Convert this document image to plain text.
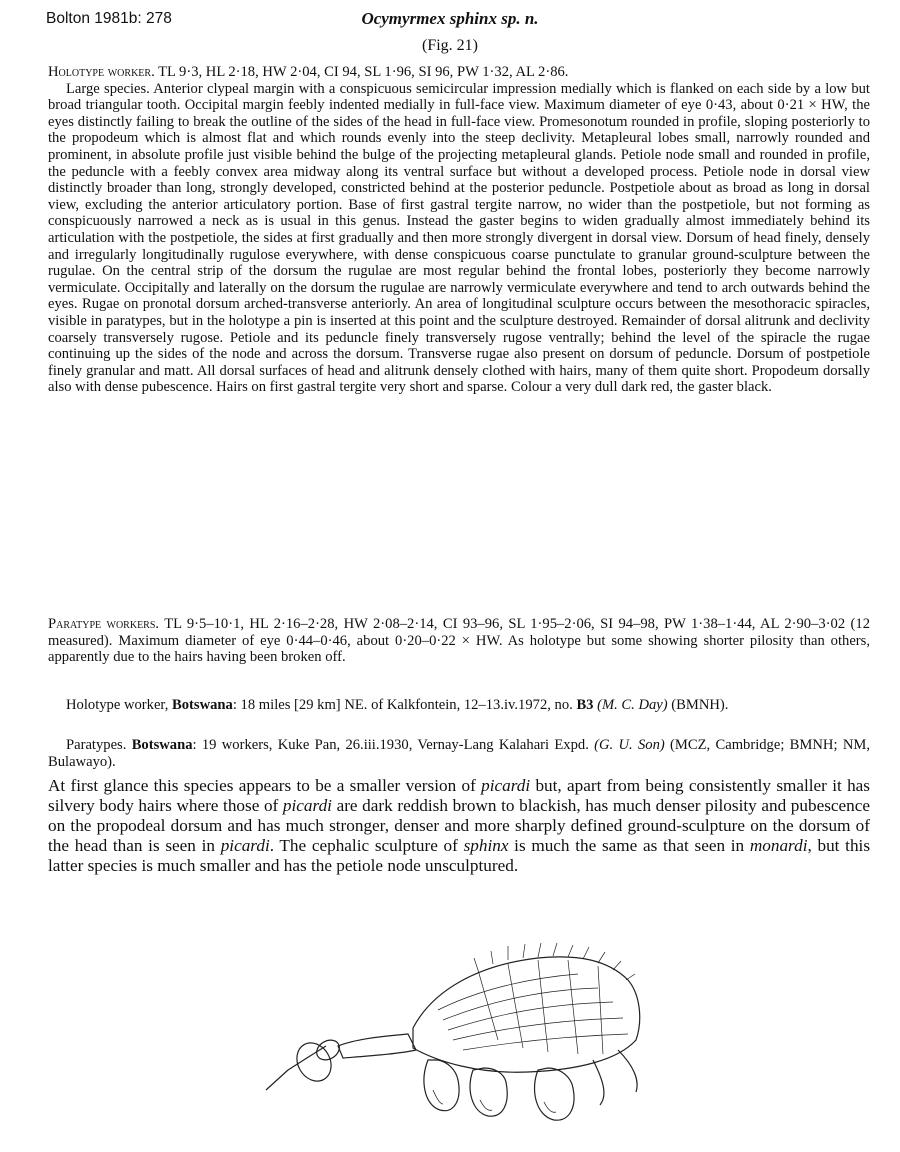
Bolton 1981b: 278	Ocymyrmex sphinx sp. n.
(Fig. 21)

Holotype worker. TL 9·3, HL 2·18, HW 2·04, CI 94, SL 1·96, SI 96, PW 1·32, AL 2·86.

Large species. Anterior clypeal margin with a conspicuous semicircular impression medially which is flanked on each side by a low but broad triangular tooth. Occipital margin feebly indented medially in full-face view. Maximum diameter of eye 0·43, about 0·21 × HW, the eyes distinctly failing to break the outline of the sides of the head in full-face view. Promesonotum rounded in profile, sloping posteriorly to the propodeum which is almost flat and which rounds evenly into the steep declivity. Metapleural lobes small, narrowly rounded and prominent, in absolute profile just visible behind the bulge of the projecting metapleural glands. Petiole node small and rounded in profile, the peduncle with a feebly convex area midway along its ventral surface but without a developed process. Petiole node in dorsal view distinctly broader than long, strongly developed, constricted behind at the posterior peduncle. Postpetiole about as broad as long in dorsal view, excluding the anterior articulatory portion. Base of first gastral tergite narrow, no wider than the postpetiole, but not forming as conspicuously narrowed a neck as is usual in this genus. Instead the gaster begins to widen gradually almost immediately behind its articulation with the postpetiole, the sides at first gradually and then more strongly divergent in dorsal view. Dorsum of head finely, densely and irregularly longitudinally rugulose everywhere, with dense conspicuous coarse punctulate to granular ground-sculpture between the rugulae. On the central strip of the dorsum the rugulae are most regular behind the frontal lobes, posteriorly they become narrowly vermiculate. Occipitally and laterally on the dorsum the rugulae are narrowly vermiculate everywhere and tend to arch outwards behind the eyes. Rugae on pronotal dorsum arched-transverse anteriorly. An area of longitudinal sculpture occurs between the mesothoracic spiracles, visible in paratypes, but in the holotype a pin is inserted at this point and the sculpture destroyed. Remainder of dorsal alitrunk and declivity coarsely transversely rugose. Petiole and its peduncle finely transversely rugose ventrally; behind the level of the spiracle the rugae continuing up the sides of the node and across the dorsum. Transverse rugae also present on dorsum of peduncle. Dorsum of postpetiole finely granular and matt. All dorsal surfaces of head and alitrunk densely clothed with hairs, many of them quite short. Propodeum dorsally also with dense pubescence. Hairs on first gastral tergite very short and sparse. Colour a very dull dark red, the gaster black.

Paratype workers. TL 9·5–10·1, HL 2·16–2·28, HW 2·08–2·14, CI 93–96, SL 1·95–2·06, SI 94–98, PW 1·38–1·44, AL 2·90–3·02 (12 measured). Maximum diameter of eye 0·44–0·46, about 0·20–0·22 × HW. As holotype but some showing shorter pilosity than others, apparently due to the hairs having been broken off.

Holotype worker, Botswana: 18 miles [29 km] NE. of Kalkfontein, 12–13.iv.1972, no. B3 (M. C. Day) (BMNH).

Paratypes. Botswana: 19 workers, Kuke Pan, 26.iii.1930, Vernay-Lang Kalahari Expd. (G. U. Son) (MCZ, Cambridge; BMNH; NM, Bulawayo).

At first glance this species appears to be a smaller version of picardi but, apart from being consistently smaller it has silvery body hairs where those of picardi are dark reddish brown to blackish, has much denser pilosity and pubescence on the propodeal dorsum and has much stronger, denser and more sharply defined ground-sculpture on the dorsum of the head than is seen in picardi. The cephalic sculpture of sphinx is much the same as that seen in monardi, but this latter species is much smaller and has the petiole node unsculptured.
